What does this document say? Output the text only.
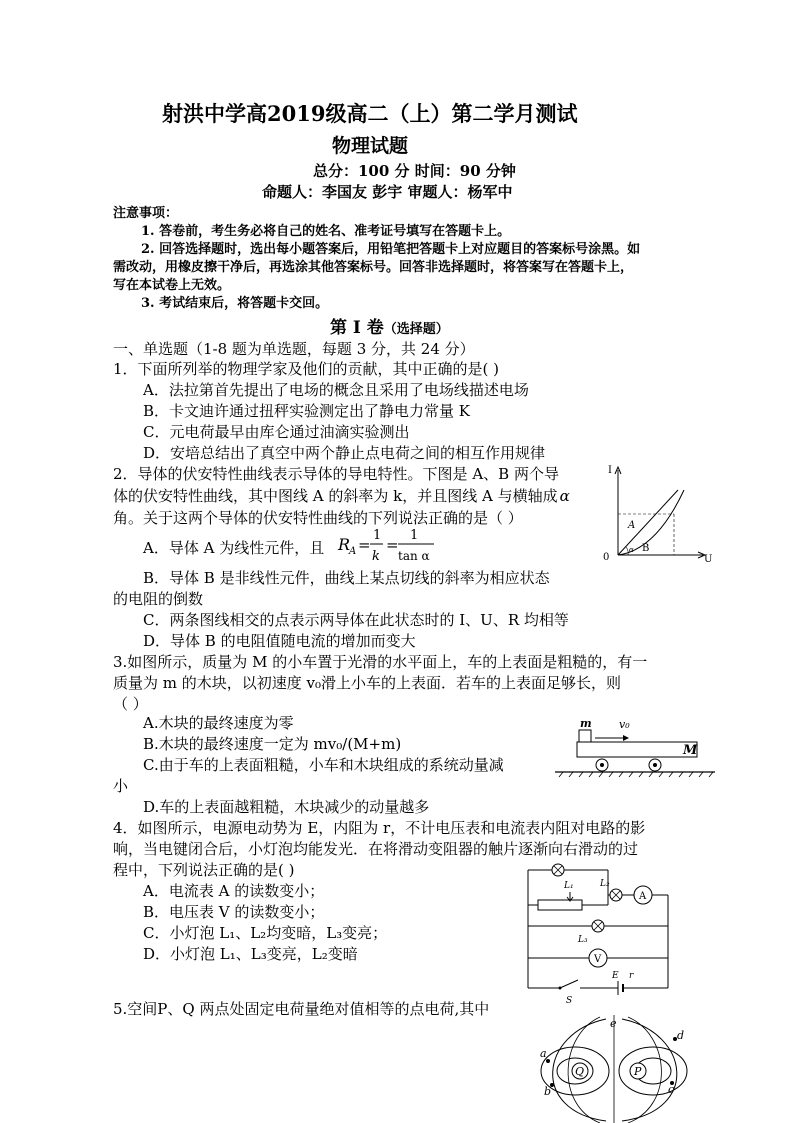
射洪中学高2019级高二（上）第二学月测试
物理试题
总分：100 分 时间：90 分钟
命题人：李国友 彭宇 审题人：杨军中
注意事项：
1. 答卷前，考生务必将自己的姓名、准考证号填写在答题卡上。
2. 回答选择题时，选出每小题答案后，用铅笔把答题卡上对应题目的答案标号涂黑。如
需改动，用橡皮擦干净后，再选涂其他答案标号。回答非选择题时，将答案写在答题卡上，
写在本试卷上无效。
3. 考试结束后，将答题卡交回。
第 I 卷（选择题）
一、单选题（1-8 题为单选题，每题 3 分，共 24 分）
1．下面所列举的物理学家及他们的贡献，其中正确的是( )
A．法拉第首先提出了电场的概念且采用了电场线描述电场
B．卡文迪许通过扭秤实验测定出了静电力常量 K
C．元电荷最早由库仑通过油滴实验测出
D．安培总结出了真空中两个静止点电荷之间的相互作用规律
2．导体的伏安特性曲线表示导体的导电特性。下图是 A、B 两个导
体的伏安特性曲线，其中图线 A 的斜率为 k，并且图线 A 与横轴成 α
角。关于这两个导体的伏安特性曲线的下列说法正确的是（ ）
A．导体 A 为线性元件，且 R
A =
1
k
=
1
tan α
B．导体 B 是非线性元件，曲线上某点切线的斜率为相应状态
的电阻的倒数
C．两条图线相交的点表示两导体在此状态时的 I、U、R 均相等
D．导体 B 的电阻值随电流的增加而变大
I
U
0
α
A
B
3.如图所示，质量为 M 的小车置于光滑的水平面上，车的上表面是粗糙的，有一
质量为 m 的木块，以初速度 v₀滑上小车的上表面．若车的上表面足够长，则
（ ）
A.木块的最终速度为零
B.木块的最终速度一定为 mv₀/(M+m)
C.由于车的上表面粗糙，小车和木块组成的系统动量减
小
D.车的上表面越粗糙，木块减少的动量越多
m v₀
M
4．如图所示，电源电动势为 E，内阻为 r，不计电压表和电流表内阻对电路的影
响，当电键闭合后，小灯泡均能发光．在将滑动变阻器的触片逐渐向右滑动的过
程中，下列说法正确的是( )
A．电流表 A 的读数变小；
B．电压表 V 的读数变小；
C．小灯泡 L₁、L₂均变暗，L₃变亮；
D．小灯泡 L₁、L₃变亮，L₂变暗
L₁	L₂
A
L₃
V
S
E r
5.空间P、Q 两点处固定电荷量绝对值相等的点电荷,其中
e
Q	P
a
b	c
d
